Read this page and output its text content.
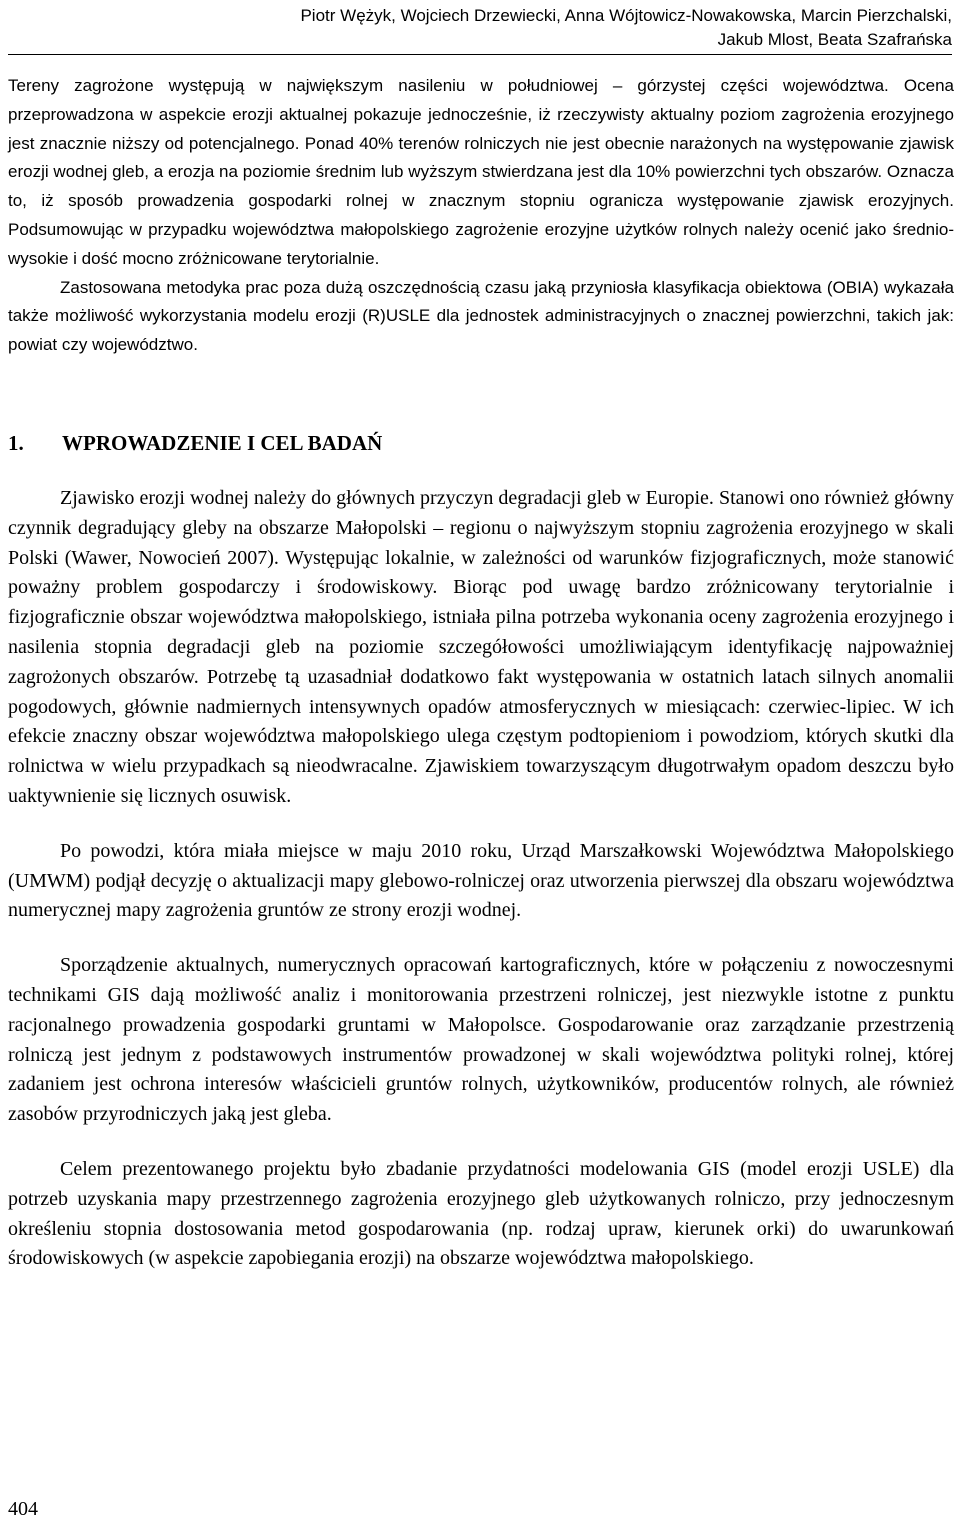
Piotr Wężyk, Wojciech Drzewiecki, Anna Wójtowicz-Nowakowska, Marcin Pierzchalski,
Jakub Mlost, Beata Szafrańska

Tereny zagrożone występują w największym nasileniu w południowej – górzystej części województwa. Ocena przeprowadzona w aspekcie erozji aktualnej pokazuje jednocześnie, iż rzeczywisty aktualny poziom zagrożenia erozyjnego jest znacznie niższy od potencjalnego. Ponad 40% terenów rolniczych nie jest obecnie narażonych na występowanie zjawisk erozji wodnej gleb, a erozja na poziomie średnim lub wyższym stwierdzana jest dla 10% powierzchni tych obszarów. Oznacza to, iż sposób prowadzenia gospodarki rolnej w znacznym stopniu ogranicza występowanie zjawisk erozyjnych. Podsumowując w przypadku województwa małopolskiego zagrożenie erozyjne użytków rolnych należy ocenić jako średnio-wysokie i dość mocno zróżnicowane terytorialnie.

Zastosowana metodyka prac poza dużą oszczędnością czasu jaką przyniosła klasyfikacja obiektowa (OBIA) wykazała także możliwość wykorzystania modelu erozji (R)USLE dla jednostek administracyjnych o znacznej powierzchni, takich jak: powiat czy województwo.

1. WPROWADZENIE I CEL BADAŃ

Zjawisko erozji wodnej należy do głównych przyczyn degradacji gleb w Europie. Stanowi ono również główny czynnik degradujący gleby na obszarze Małopolski – regionu o najwyższym stopniu zagrożenia erozyjnego w skali Polski (Wawer, Nowocień 2007). Występując lokalnie, w zależności od warunków fizjograficznych, może stanowić poważny problem gospodarczy i środowiskowy. Biorąc pod uwagę bardzo zróżnicowany terytorialnie i fizjograficznie obszar województwa małopolskiego, istniała pilna potrzeba wykonania oceny zagrożenia erozyjnego i nasilenia stopnia degradacji gleb na poziomie szczegółowości umożliwiającym identyfikację najpoważniej zagrożonych obszarów. Potrzebę tą uzasadniał dodatkowo fakt występowania w ostatnich latach silnych anomalii pogodowych, głównie nadmiernych intensywnych opadów atmosferycznych w miesiącach: czerwiec-lipiec. W ich efekcie znaczny obszar województwa małopolskiego ulega częstym podtopieniom i powodziom, których skutki dla rolnictwa w wielu przypadkach są nieodwracalne. Zjawiskiem towarzyszącym długotrwałym opadom deszczu było uaktywnienie się licznych osuwisk.

Po powodzi, która miała miejsce w maju 2010 roku, Urząd Marszałkowski Województwa Małopolskiego (UMWM) podjął decyzję o aktualizacji mapy glebowo-rolniczej oraz utworzenia pierwszej dla obszaru województwa numerycznej mapy zagrożenia gruntów ze strony erozji wodnej.

Sporządzenie aktualnych, numerycznych opracowań kartograficznych, które w połączeniu z nowoczesnymi technikami GIS dają możliwość analiz i monitorowania przestrzeni rolniczej, jest niezwykle istotne z punktu racjonalnego prowadzenia gospodarki gruntami w Małopolsce. Gospodarowanie oraz zarządzanie przestrzenią rolniczą jest jednym z podstawowych instrumentów prowadzonej w skali województwa polityki rolnej, której zadaniem jest ochrona interesów właścicieli gruntów rolnych, użytkowników, producentów rolnych, ale również zasobów przyrodniczych jaką jest gleba.

Celem prezentowanego projektu było zbadanie przydatności modelowania GIS (model erozji USLE) dla potrzeb uzyskania mapy przestrzennego zagrożenia erozyjnego gleb użytkowanych rolniczo, przy jednoczesnym określeniu stopnia dostosowania metod gospodarowania (np. rodzaj upraw, kierunek orki) do uwarunkowań środowiskowych (w aspekcie zapobiegania erozji) na obszarze województwa małopolskiego.

404
